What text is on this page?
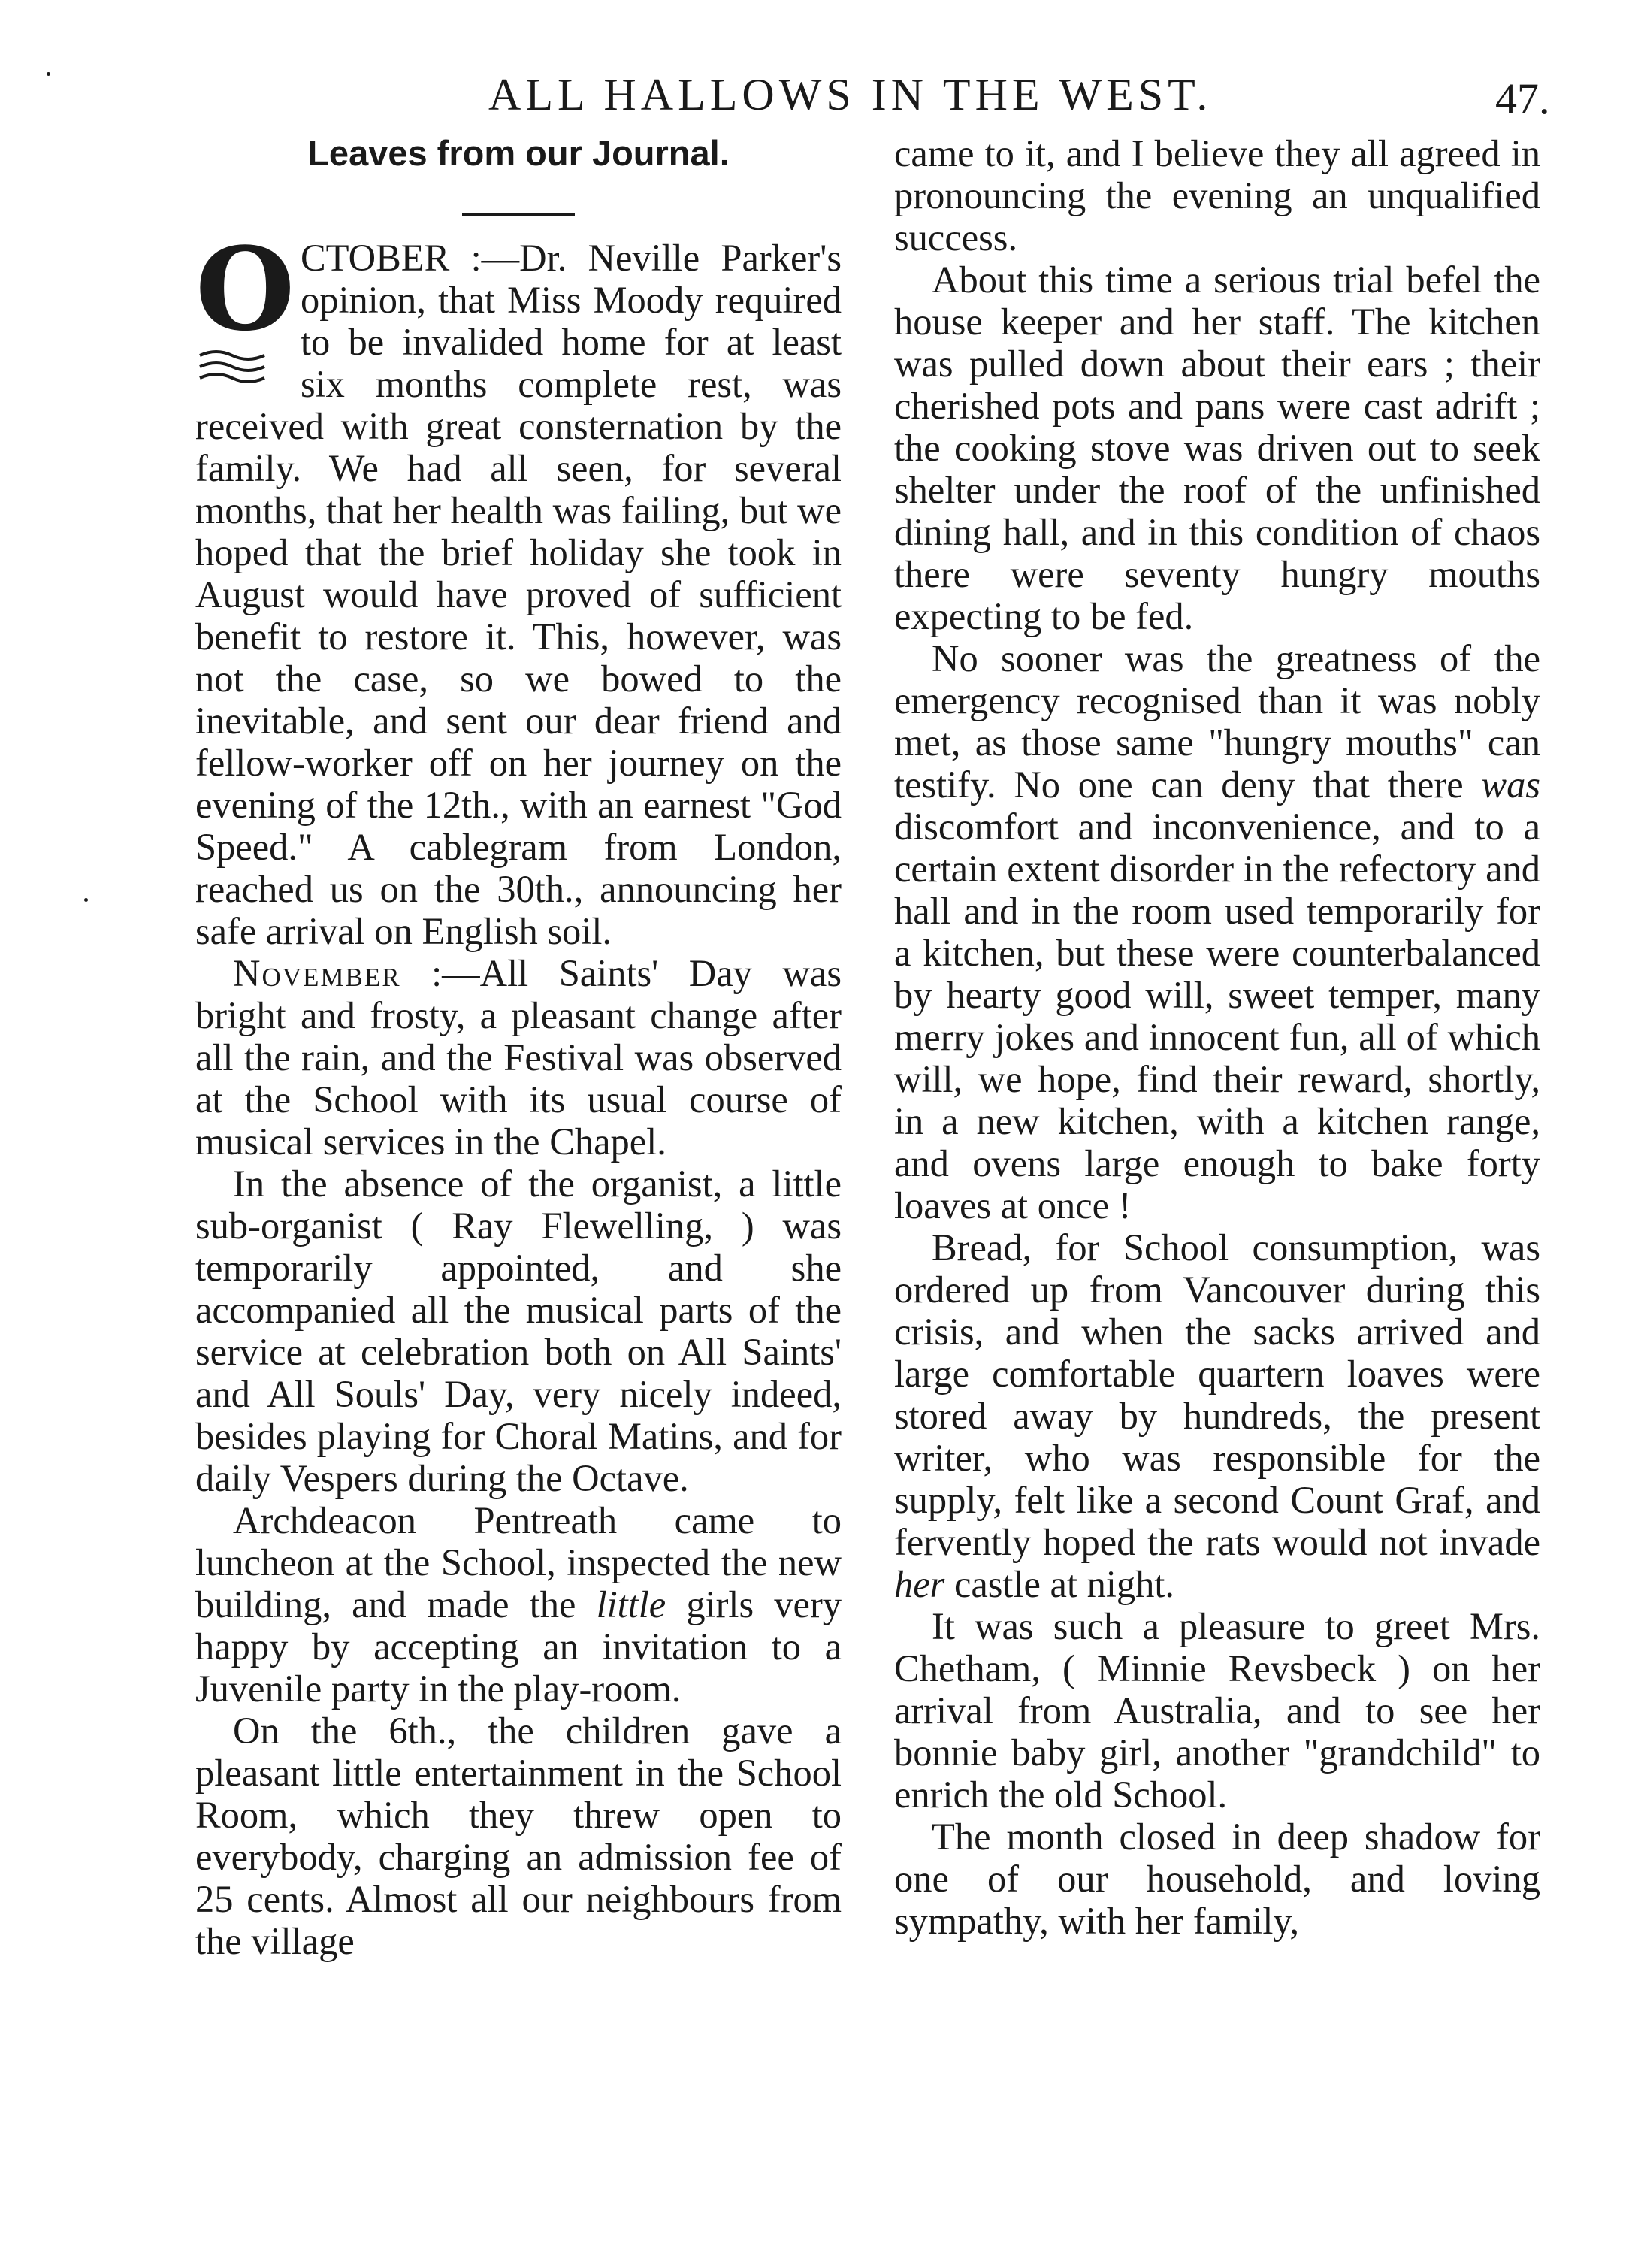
ALL HALLOWS IN THE WEST.	47.
Leaves from our Journal.
O CTOBER :—Dr. Neville Parker's opinion, that Miss Moody required to be invalided home for at least six months complete rest, was received with great consternation by the family. We had all seen, for several months, that her health was failing, but we hoped that the brief holiday she took in August would have proved of sufficient benefit to restore it. This, however, was not the case, so we bowed to the inevitable, and sent our dear friend and fellow-worker off on her journey on the evening of the 12th., with an earnest "God Speed." A cablegram from London, reached us on the 30th., announcing her safe arrival on English soil.

November :—All Saints' Day was bright and frosty, a pleasant change after all the rain, and the Festival was observed at the School with its usual course of musical services in the Chapel.

In the absence of the organist, a little sub-organist ( Ray Flewelling, ) was temporarily appointed, and she accompanied all the musical parts of the service at celebration both on All Saints' and All Souls' Day, very nicely indeed, besides playing for Choral Matins, and for daily Vespers during the Octave.

Archdeacon Pentreath came to luncheon at the School, inspected the new building, and made the little girls very happy by accepting an invitation to a Juvenile party in the play-room.

On the 6th., the children gave a pleasant little entertainment in the School Room, which they threw open to everybody, charging an admission fee of 25 cents. Almost all our neighbours from the village

came to it, and I believe they all agreed in pronouncing the evening an unqualified success.

About this time a serious trial befel the house keeper and her staff. The kitchen was pulled down about their ears ; their cherished pots and pans were cast adrift ; the cooking stove was driven out to seek shelter under the roof of the unfinished dining hall, and in this condition of chaos there were seventy hungry mouths expecting to be fed.

No sooner was the greatness of the emergency recognised than it was nobly met, as those same "hungry mouths" can testify. No one can deny that there was discomfort and inconvenience, and to a certain extent disorder in the refectory and hall and in the room used temporarily for a kitchen, but these were counterbalanced by hearty good will, sweet temper, many merry jokes and innocent fun, all of which will, we hope, find their reward, shortly, in a new kitchen, with a kitchen range, and ovens large enough to bake forty loaves at once !

Bread, for School consumption, was ordered up from Vancouver during this crisis, and when the sacks arrived and large comfortable quartern loaves were stored away by hundreds, the present writer, who was responsible for the supply, felt like a second Count Graf, and fervently hoped the rats would not invade her castle at night.

It was such a pleasure to greet Mrs. Chetham, ( Minnie Revsbeck ) on her arrival from Australia, and to see her bonnie baby girl, another "grandchild" to enrich the old School.

The month closed in deep shadow for one of our household, and loving sympathy, with her family,
